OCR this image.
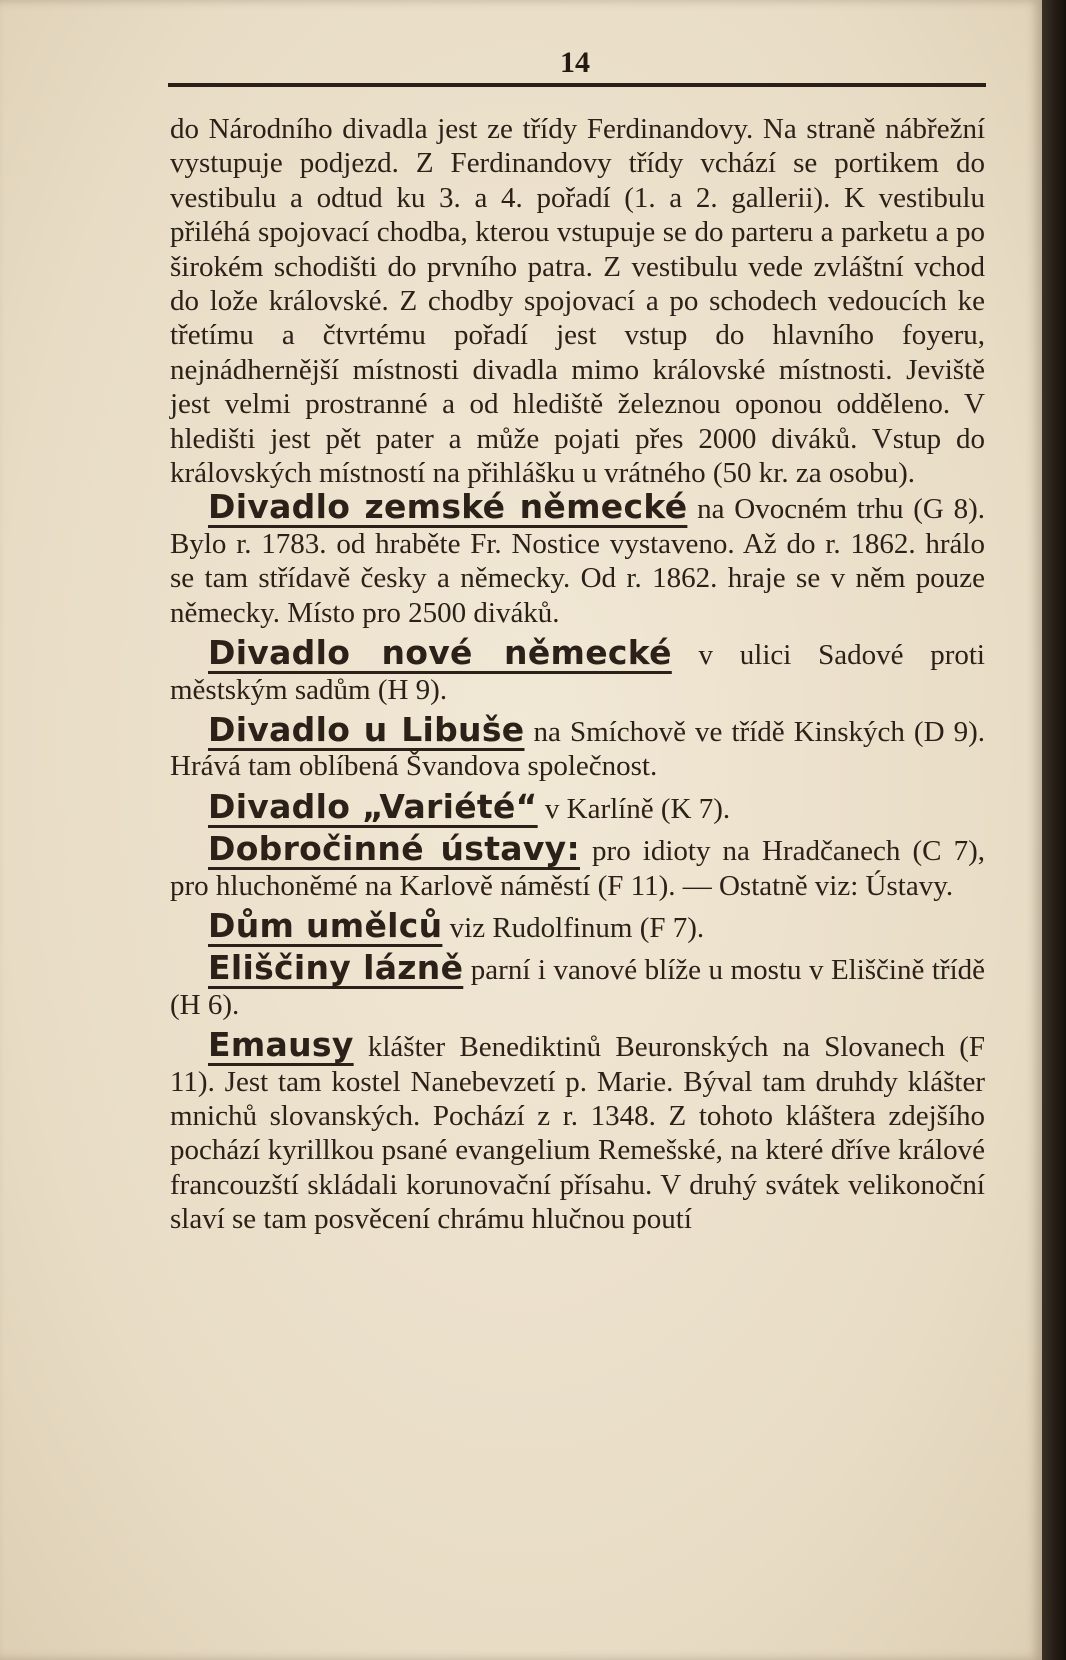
14

do Národního divadla jest ze třídy Ferdinandovy. Na straně nábřežní vystupuje podjezd. Z Ferdinandovy třídy vchází se portikem do vestibulu a odtud ku 3. a 4. pořadí (1. a 2. gallerii). K vestibulu přiléhá spojovací chodba, kterou vstupuje se do parteru a parketu a po širokém schodišti do prvního patra. Z vestibulu vede zvláštní vchod do lože královské. Z chodby spojovací a po schodech vedoucích ke třetímu a čtvrtému pořadí jest vstup do hlavního foyeru, nejnádhernější místnosti divadla mimo královské místnosti. Jeviště jest velmi prostranné a od hlediště železnou oponou odděleno. V hledišti jest pět pater a může pojati přes 2000 diváků. Vstup do královských místností na přihlášku u vrátného (50 kr. za osobu).

Divadlo zemské německé na Ovocném trhu (G 8). Bylo r. 1783. od hraběte Fr. Nostice vystaveno. Až do r. 1862. hrálo se tam střídavě česky a německy. Od r. 1862. hraje se v něm pouze německy. Místo pro 2500 diváků.

Divadlo nové německé v ulici Sadové proti městským sadům (H 9).

Divadlo u Libuše na Smíchově ve třídě Kinských (D 9). Hrává tam oblíbená Švandova společnost.

Divadlo „Variété“ v Karlíně (K 7).

Dobročinné ústavy: pro idioty na Hradčanech (C 7), pro hluchoněmé na Karlově náměstí (F 11). — Ostatně viz: Ústavy.

Dům umělců viz Rudolfinum (F 7).

Eliščiny lázně parní i vanové blíže u mostu v Eliščině třídě (H 6).

Emausy klášter Benediktinů Beuronských na Slovanech (F 11). Jest tam kostel Nanebevzetí p. Marie. Býval tam druhdy klášter mnichů slovanských. Pochází z r. 1348. Z tohoto kláštera zdejšího pochází kyrillkou psané evangelium Remešské, na které dříve králové francouzští skládali korunovační přísahu. V druhý svátek velikonoční slaví se tam posvěcení chrámu hlučnou poutí
